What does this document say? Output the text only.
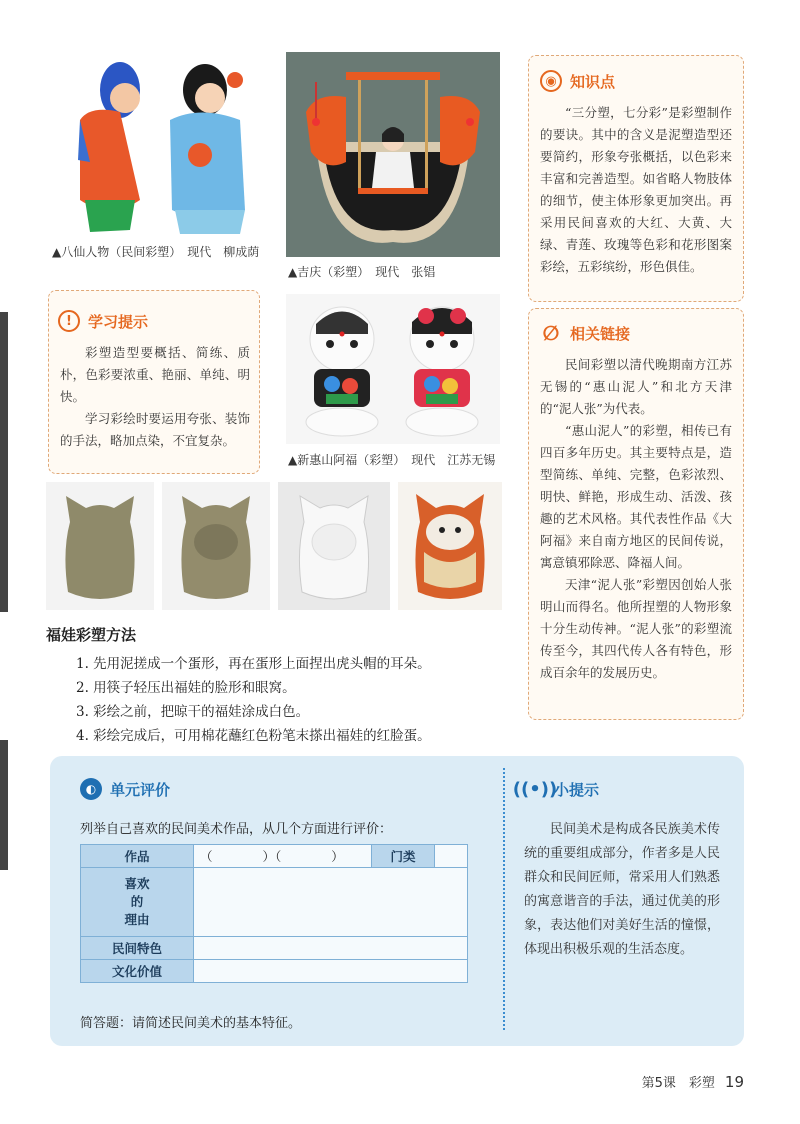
▲八仙人物（民间彩塑）　现代　柳成荫
▲吉庆（彩塑）　现代　张锠
▲新惠山阿福（彩塑）　现代　江苏无锡
!	学习提示

彩塑造型要概括、简练、质朴，色彩要浓重、艳丽、单纯、明快。

学习彩绘时要运用夸张、装饰的手法，略加点染，不宜复杂。

◉ 知识点

“三分塑，七分彩”是彩塑制作的要诀。其中的含义是泥塑造型还要简约，形象夸张概括，以色彩来丰富和完善造型。如省略人物肢体的细节，使主体形象更加突出。再采用民间喜欢的大红、大黄、大绿、青莲、玫瑰等色彩和花形图案彩绘，五彩缤纷，形色俱佳。

∅ 相关链接

民间彩塑以清代晚期南方江苏无锡的“惠山泥人”和北方天津的“泥人张”为代表。

“惠山泥人”的彩塑，相传已有四百多年历史。其主要特点是，造型简练、单纯、完整，色彩浓烈、明快、鲜艳，形成生动、活泼、孩趣的艺术风格。其代表性作品《大阿福》来自南方地区的民间传说，寓意镇邪除恶、降福人间。

天津“泥人张”彩塑因创始人张明山而得名。他所捏塑的人物形象十分生动传神。“泥人张”的彩塑流传至今，其四代传人各有特色，形成百余年的发展历史。

福娃彩塑方法
1. 先用泥搓成一个蛋形，再在蛋形上面捏出虎头帽的耳朵。
2. 用筷子轻压出福娃的脸形和眼窝。
3. 彩绘之前，把晾干的福娃涂成白色。
4. 彩绘完成后，可用棉花蘸红色粉笔末搽出福娃的红脸蛋。
◐ 单元评价
列举自己喜欢的民间美术作品，从几个方面进行评价：
作品	（　　　　）（　　　　）	门类	

喜欢
的
理由			

民间特色			
文化价值			
简答题：请简述民间美术的基本特征。
((•))
小提示

民间美术是构成各民族美术传统的重要组成部分，作者多是人民群众和民间匠师，常采用人们熟悉的寓意谐音的手法，通过优美的形象，表达他们对美好生活的憧憬，体现出积极乐观的生活态度。

第5课　彩塑 19
